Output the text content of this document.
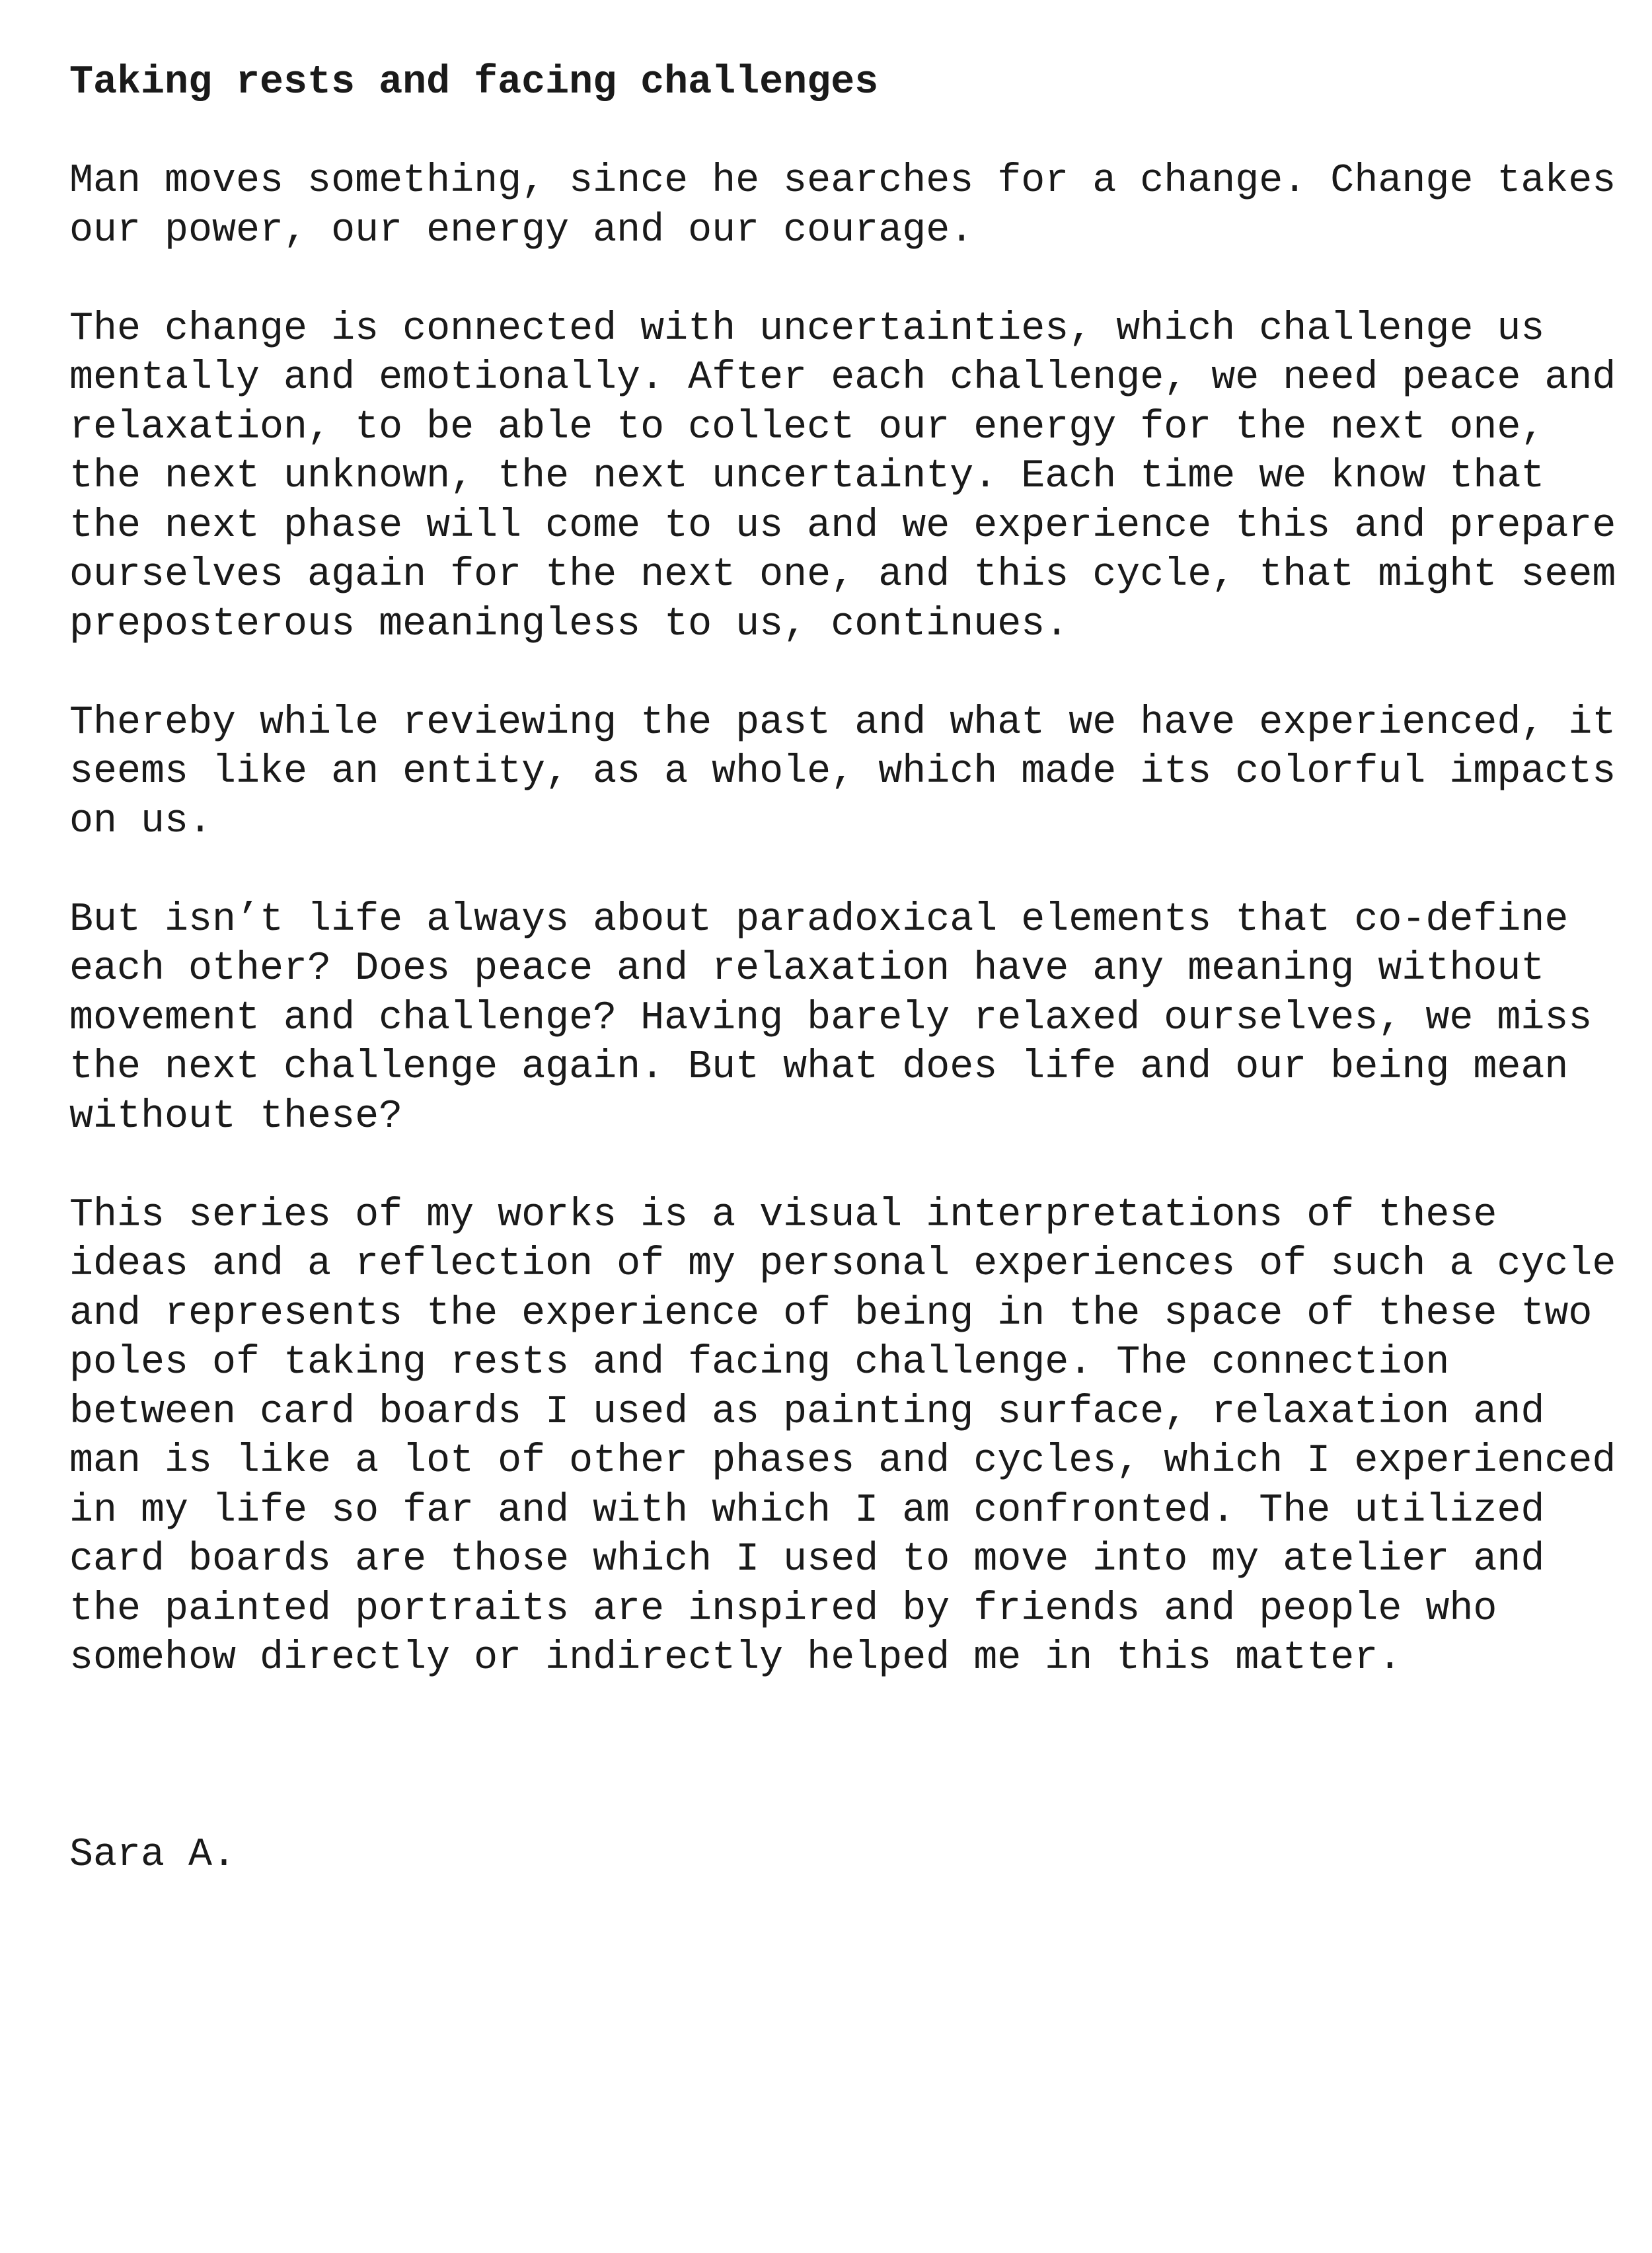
Taking rests and facing challenges
Man moves something, since he searches for a change. Change takes
our power, our energy and our courage.
The change is connected with uncertainties, which challenge us
mentally and emotionally. After each challenge, we need peace and
relaxation, to be able to collect our energy for the next one,
the next unknown, the next uncertainty. Each time we know that
the next phase will come to us and we experience this and prepare
ourselves again for the next one, and this cycle, that might seem
preposterous meaningless to us, continues.
Thereby while reviewing the past and what we have experienced, it
seems like an entity, as a whole, which made its colorful impacts
on us.
But isn’t life always about paradoxical elements that co-define
each other? Does peace and relaxation have any meaning without
movement and challenge? Having barely relaxed ourselves, we miss
the next challenge again. But what does life and our being mean
without these?
This series of my works is a visual interpretations of these
ideas and a reflection of my personal experiences of such a cycle
and represents the experience of being in the space of these two
poles of taking rests and facing challenge. The connection
between card boards I used as painting surface, relaxation and
man is like a lot of other phases and cycles, which I experienced
in my life so far and with which I am confronted. The utilized
card boards are those which I used to move into my atelier and
the painted portraits are inspired by friends and people who
somehow directly or indirectly helped me in this matter.
Sara A.
